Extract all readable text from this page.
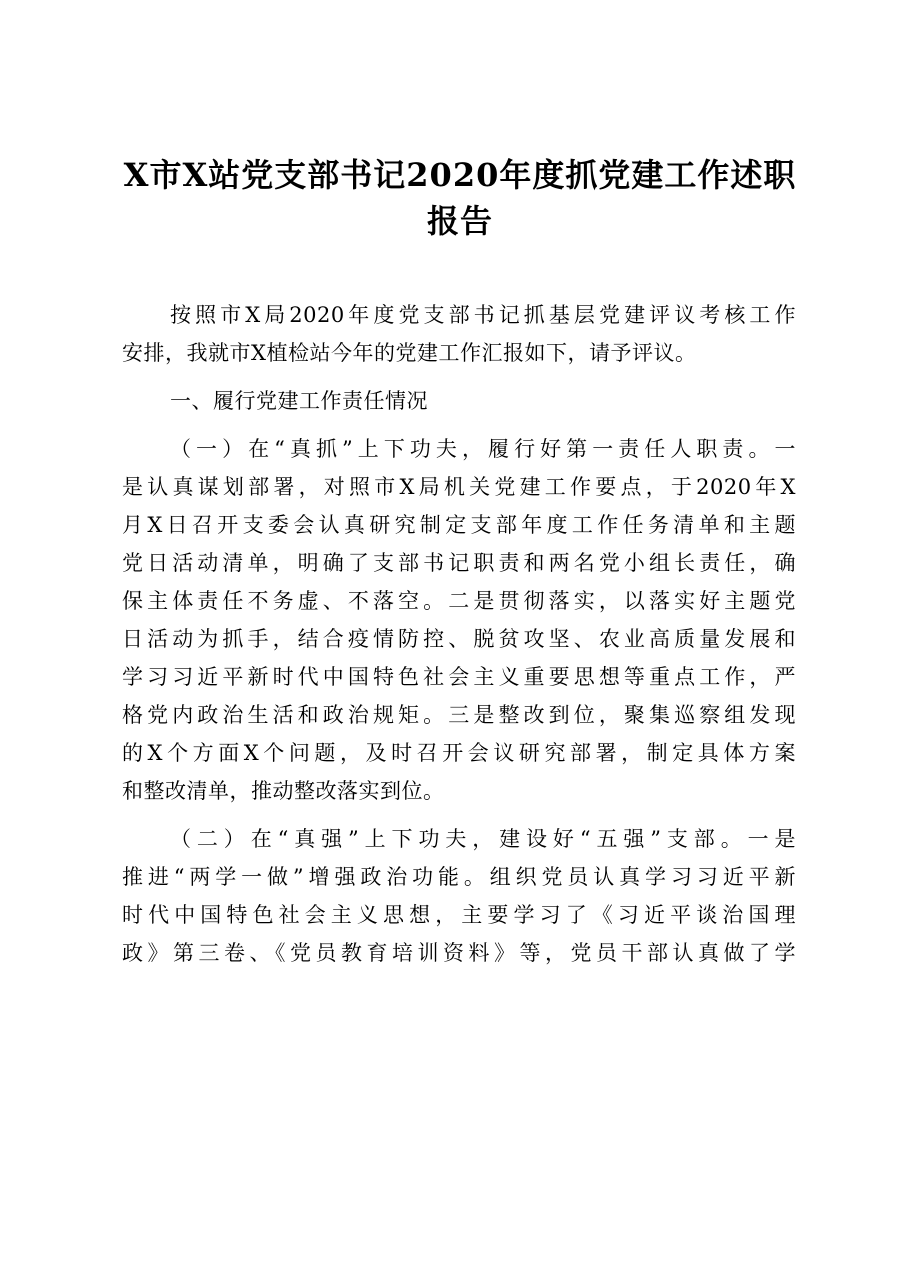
X市X站党支部书记2020年度抓党建工作述职
报告

按照市X局2020年度党支部书记抓基层党建评议考核工作
安排，我就市X植检站今年的党建工作汇报如下，请予评议。

一、履行党建工作责任情况

（一）在“真抓”上下功夫，履行好第一责任人职责。一
是认真谋划部署，对照市X局机关党建工作要点，于2020年X
月X日召开支委会认真研究制定支部年度工作任务清单和主题
党日活动清单，明确了支部书记职责和两名党小组长责任，确
保主体责任不务虚、不落空。二是贯彻落实，以落实好主题党
日活动为抓手，结合疫情防控、脱贫攻坚、农业高质量发展和
学习习近平新时代中国特色社会主义重要思想等重点工作，严
格党内政治生活和政治规矩。三是整改到位，聚集巡察组发现
的X个方面X个问题，及时召开会议研究部署，制定具体方案
和整改清单，推动整改落实到位。

（二）在“真强”上下功夫，建设好“五强”支部。一是
推进“两学一做”增强政治功能。组织党员认真学习习近平新
时代中国特色社会主义思想，主要学习了《习近平谈治国理
政》第三卷、《党员教育培训资料》等，党员干部认真做了学
